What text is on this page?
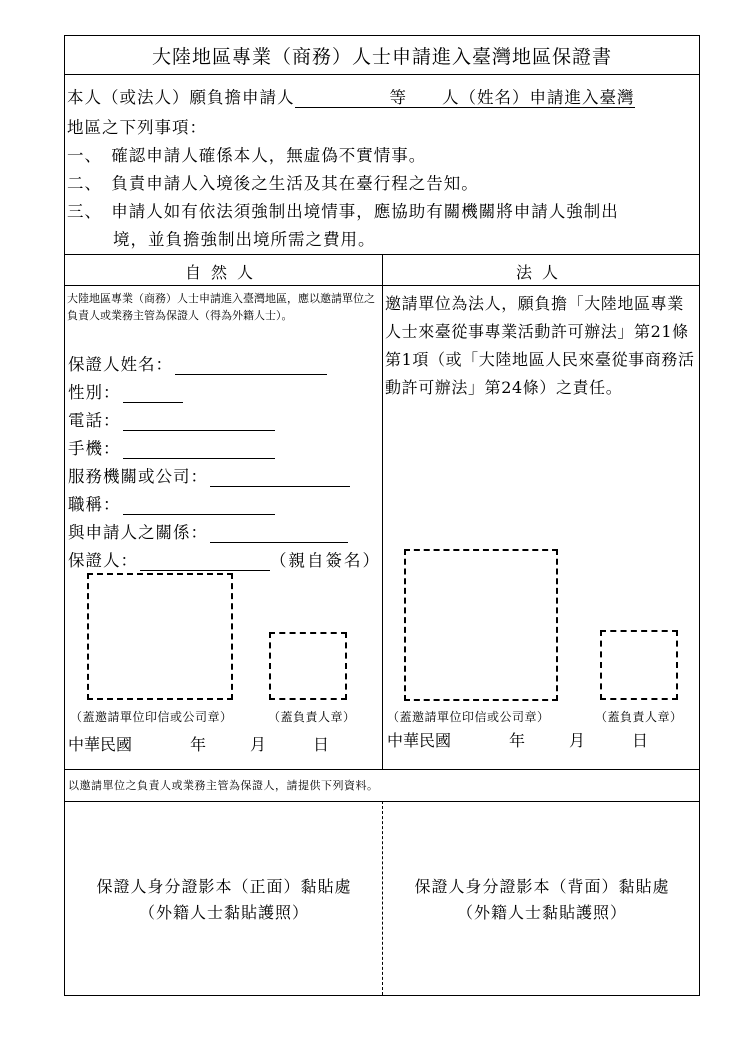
大陸地區專業（商務）人士申請進入臺灣地區保證書
本人（或法人）願負擔申請人	等　　人（姓名）申請進入臺灣
地區之下列事項：
一、　確認申請人確係本人，無虛偽不實情事。
二、　負責申請人入境後之生活及其在臺行程之告知。
三、　申請人如有依法須強制出境情事，應協助有關機關將申請人強制出
境，並負擔強制出境所需之費用。
自然人	法人
大陸地區專業（商務）人士申請進入臺灣地區，應以邀請單位之負責人或業務主管為保證人（得為外籍人士）。
保證人姓名：
性別：
電話：
手機：
服務機關或公司：
職稱：
與申請人之關係：
保證人：	（親自簽名）
（蓋邀請單位印信或公司章）	（蓋負責人章）
中華民國	年	月	日
邀請單位為法人，願負擔「大陸地區專業人士來臺從事專業活動許可辦法」第21條第1項（或「大陸地區人民來臺從事商務活動許可辦法」第24條）之責任。
（蓋邀請單位印信或公司章）	（蓋負責人章）
中華民國	年	月	日
以邀請單位之負責人或業務主管為保證人，請提供下列資料。
保證人身分證影本（正面）黏貼處
（外籍人士黏貼護照）
保證人身分證影本（背面）黏貼處
（外籍人士黏貼護照）
